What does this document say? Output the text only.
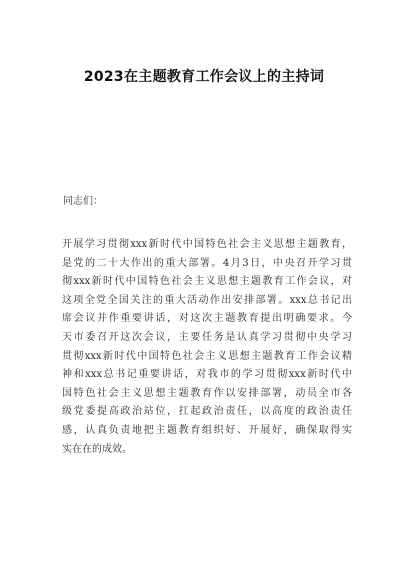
2023在主题教育工作会议上的主持词

同志们：

开展学习贯彻xxx新时代中国特色社会主义思想主题教育，
是党的二十大作出的重大部署。4月3日，中央召开学习贯
彻xxx新时代中国特色社会主义思想主题教育工作会议，对
这项全党全国关注的重大活动作出安排部署。xxx总书记出
席会议并作重要讲话，对这次主题教育提出明确要求。今
天市委召开这次会议，主要任务是认真学习贯彻中央学习
贯彻xxx新时代中国特色社会主义思想主题教育工作会议精
神和xxx总书记重要讲话，对我市的学习贯彻xxx新时代中
国特色社会主义思想主题教育作以安排部署，动员全市各
级党委提高政治站位，扛起政治责任，以高度的政治责任
感，认真负责地把主题教育组织好、开展好，确保取得实
实在在的成效。
